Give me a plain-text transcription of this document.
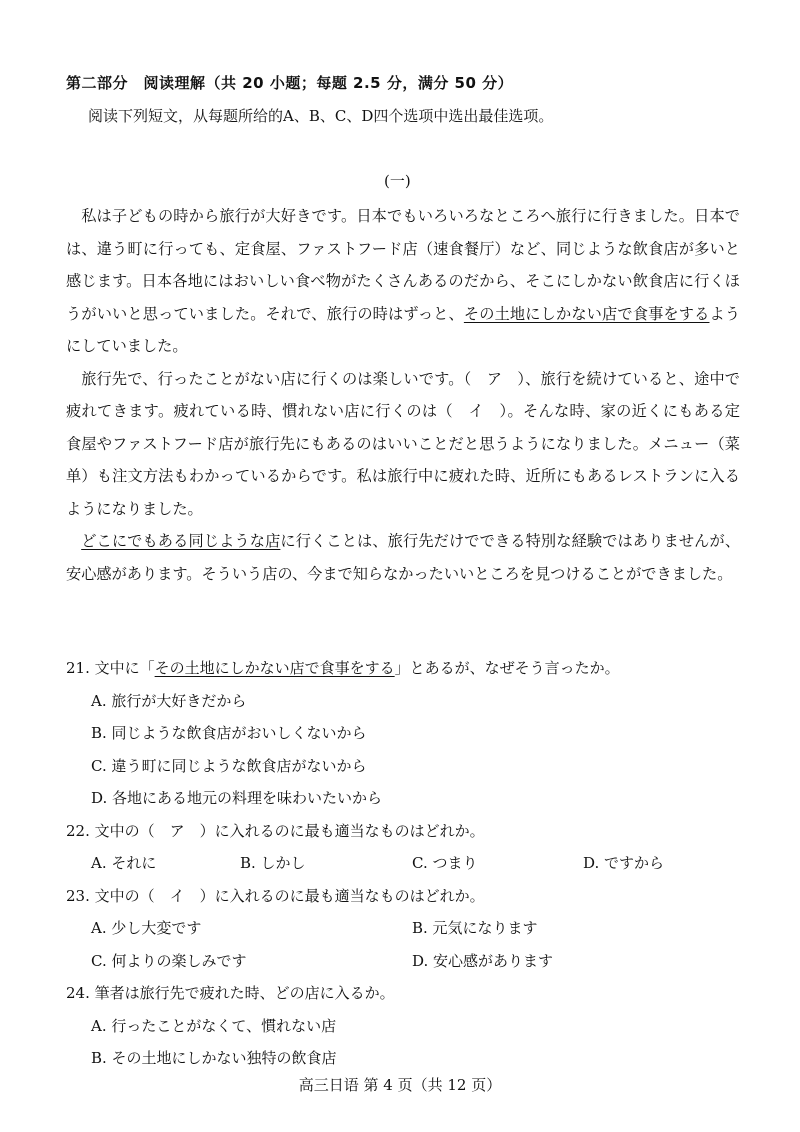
第二部分　阅读理解（共 20 小题；每题 2.5 分，满分 50 分）
阅读下列短文，从每题所给的A、B、C、D四个选项中选出最佳选项。
(一)

私は子どもの時から旅行が大好きです。日本でもいろいろなところへ旅行に行きました。日本では、違う町に行っても、定食屋、ファストフード店（速食餐厅）など、同じような飲食店が多いと感じます。日本各地にはおいしい食べ物がたくさんあるのだから、そこにしかない飲食店に行くほうがいいと思っていました。それで、旅行の時はずっと、その土地にしかない店で食事をするようにしていました。

旅行先で、行ったことがない店に行くのは楽しいです。（　ア　）、旅行を続けていると、途中で疲れてきます。疲れている時、慣れない店に行くのは（　イ　）。そんな時、家の近くにもある定食屋やファストフード店が旅行先にもあるのはいいことだと思うようになりました。メニュー（菜单）も注文方法もわかっているからです。私は旅行中に疲れた時、近所にもあるレストランに入るようになりました。

どこにでもある同じような店に行くことは、旅行先だけでできる特別な経験ではありませんが、安心感があります。そういう店の、今まで知らなかったいいところを見つけることができました。

21. 文中に「その土地にしかない店で食事をする」とあるが、なぜそう言ったか。
A. 旅行が大好きだから
B. 同じような飲食店がおいしくないから
C. 違う町に同じような飲食店がないから
D. 各地にある地元の料理を味わいたいから
22. 文中の（　ア　）に入れるのに最も適当なものはどれか。
A. それに	B. しかし	C. つまり	D. ですから
23. 文中の（　イ　）に入れるのに最も適当なものはどれか。
A. 少し大変です	B. 元気になります
C. 何よりの楽しみです	D. 安心感があります
24. 筆者は旅行先で疲れた時、どの店に入るか。
A. 行ったことがなくて、慣れない店
B. その土地にしかない独特の飲食店
高三日语 第 4 页（共 12 页）
